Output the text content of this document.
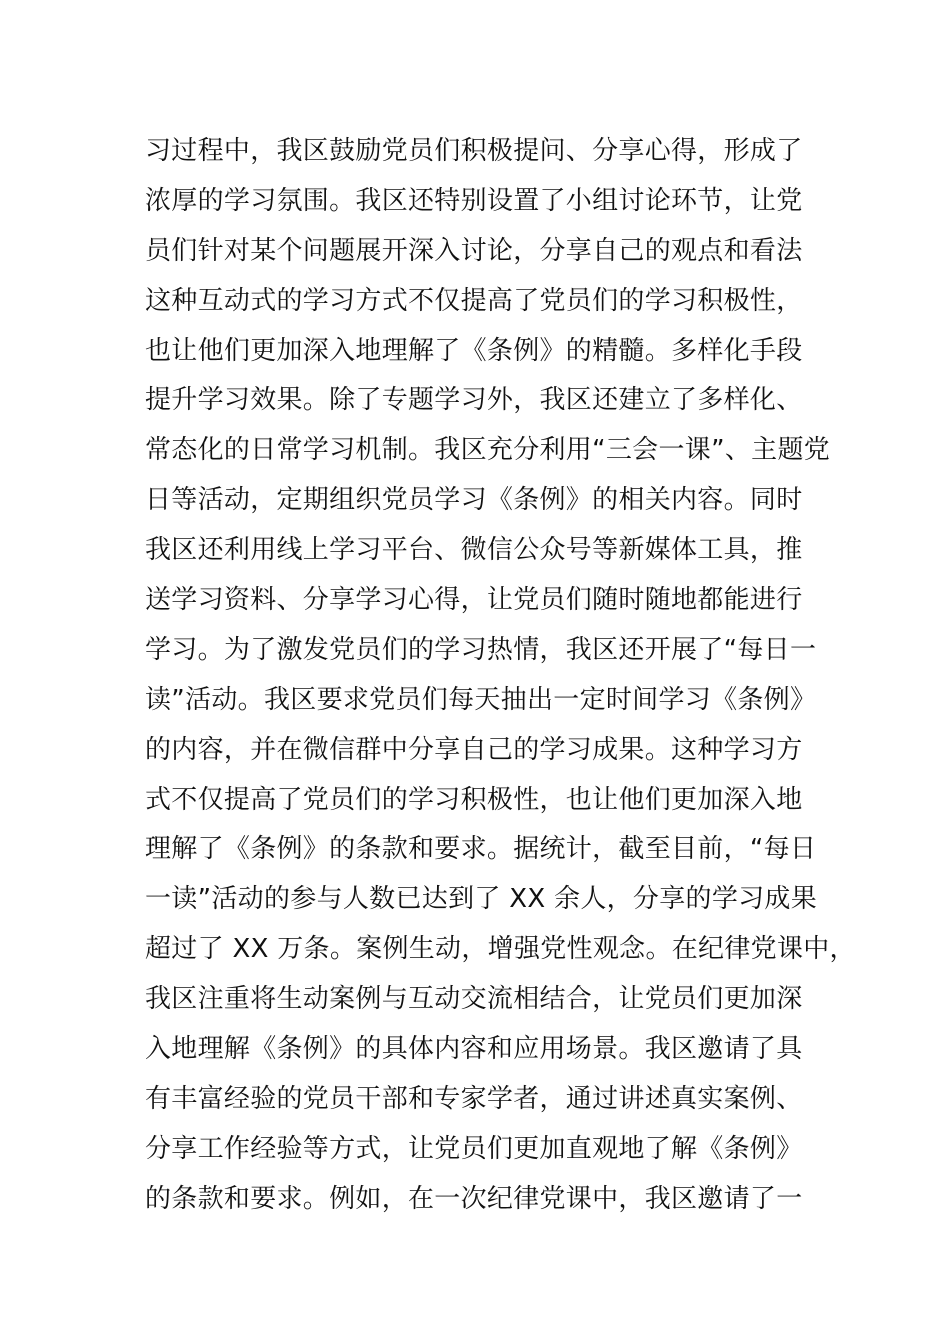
习过程中，我区鼓励党员们积极提问、分享心得，形成了
浓厚的学习氛围。我区还特别设置了小组讨论环节，让党
员们针对某个问题展开深入讨论，分享自己的观点和看法
这种互动式的学习方式不仅提高了党员们的学习积极性，
也让他们更加深入地理解了《条例》的精髓。多样化手段
提升学习效果。除了专题学习外，我区还建立了多样化、
常态化的日常学习机制。我区充分利用“三会一课”、主题党
日等活动，定期组织党员学习《条例》的相关内容。同时
我区还利用线上学习平台、微信公众号等新媒体工具，推
送学习资料、分享学习心得，让党员们随时随地都能进行
学习。为了激发党员们的学习热情，我区还开展了“每日一
读”活动。我区要求党员们每天抽出一定时间学习《条例》
的内容，并在微信群中分享自己的学习成果。这种学习方
式不仅提高了党员们的学习积极性，也让他们更加深入地
理解了《条例》的条款和要求。据统计，截至目前，“每日
一读”活动的参与人数已达到了 XX 余人，分享的学习成果
超过了 XX 万条。案例生动，增强党性观念。在纪律党课中，
我区注重将生动案例与互动交流相结合，让党员们更加深
入地理解《条例》的具体内容和应用场景。我区邀请了具
有丰富经验的党员干部和专家学者，通过讲述真实案例、
分享工作经验等方式，让党员们更加直观地了解《条例》
的条款和要求。例如，在一次纪律党课中，我区邀请了一
